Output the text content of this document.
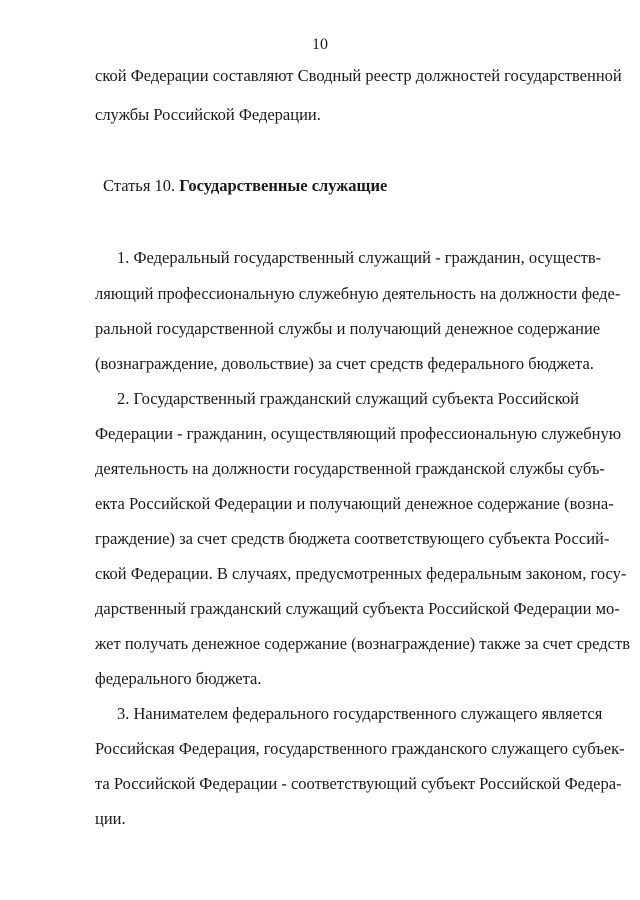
10
ской Федерации составляют Сводный реестр должностей государственной
службы Российской Федерации.
Статья 10. Государственные служащие
1. Федеральный государственный служащий - гражданин, осуществ-
ляющий профессиональную служебную деятельность на должности феде-
ральной государственной службы и получающий денежное содержание
(вознаграждение, довольствие) за счет средств федерального бюджета.
2. Государственный гражданский служащий субъекта Российской
Федерации - гражданин, осуществляющий профессиональную служебную
деятельность на должности государственной гражданской службы субъ-
екта Российской Федерации и получающий денежное содержание (возна-
граждение) за счет средств бюджета соответствующего субъекта Россий-
ской Федерации. В случаях, предусмотренных федеральным законом, госу-
дарственный гражданский служащий субъекта Российской Федерации мо-
жет получать денежное содержание (вознаграждение) также за счет средств
федерального бюджета.
3. Нанимателем федерального государственного служащего является
Российская Федерация, государственного гражданского служащего субъек-
та Российской Федерации - соответствующий субъект Российской Федера-
ции.
